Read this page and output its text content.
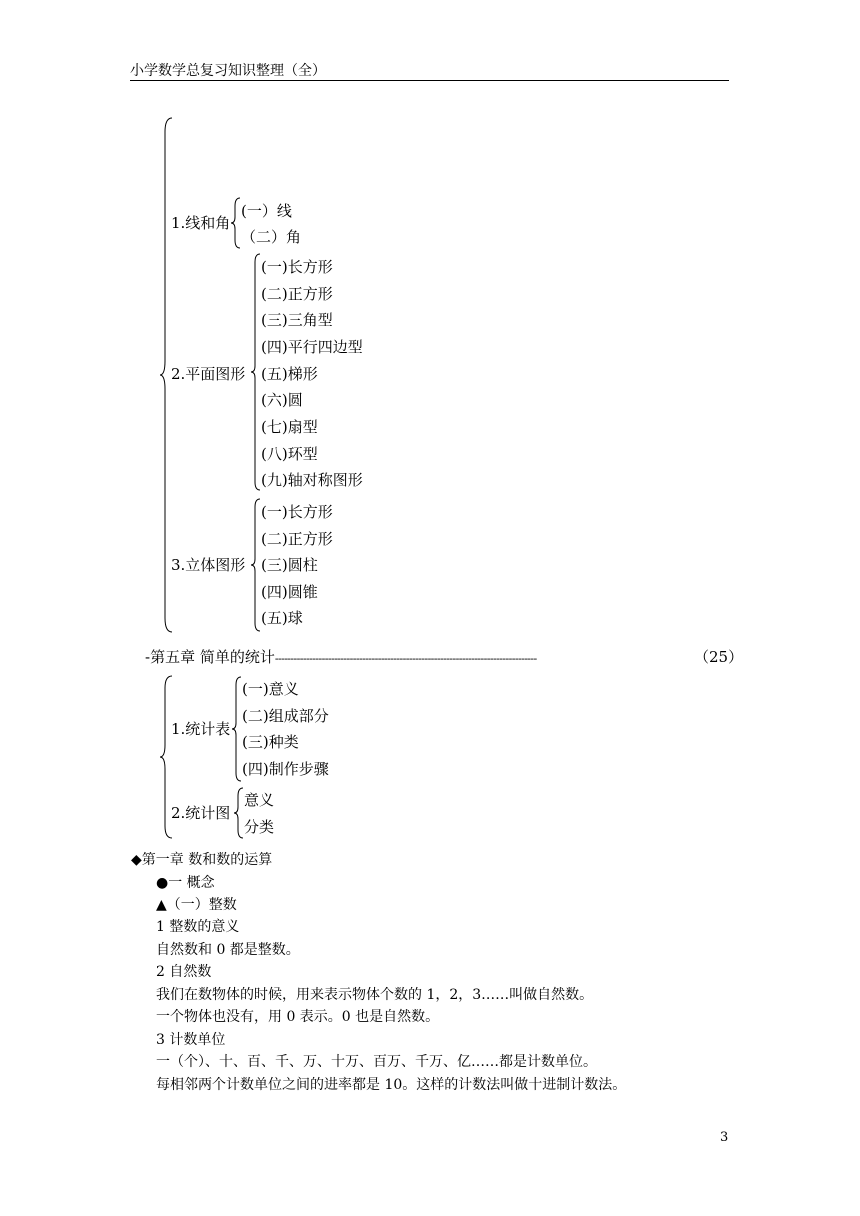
小学数学总复习知识整理（全）
1.线和角
(一）线
（二）角
2.平面图形
(一)长方形
(二)正方形
(三)三角型
(四)平行四边型
(五)梯形
(六)圆
(七)扇型
(八)环型
(九)轴对称图形
3.立体图形
(一)长方形
(二)正方形
(三)圆柱
(四)圆锥
(五)球
-第五章 简单的统计------------------------------------------------------------------------------------	（25）
1.统计表
(一)意义
(二)组成部分
(三)种类
(四)制作步骤
2.统计图
意义
分类
◆第一章 数和数的运算
●一 概念
▲（一）整数
1 整数的意义
自然数和 0 都是整数。
2 自然数
我们在数物体的时候，用来表示物体个数的 1，2，3……叫做自然数。
一个物体也没有，用 0 表示。0 也是自然数。
3 计数单位
一（个）、十、百、千、万、十万、百万、千万、亿……都是计数单位。
每相邻两个计数单位之间的进率都是 10。这样的计数法叫做十进制计数法。
3
